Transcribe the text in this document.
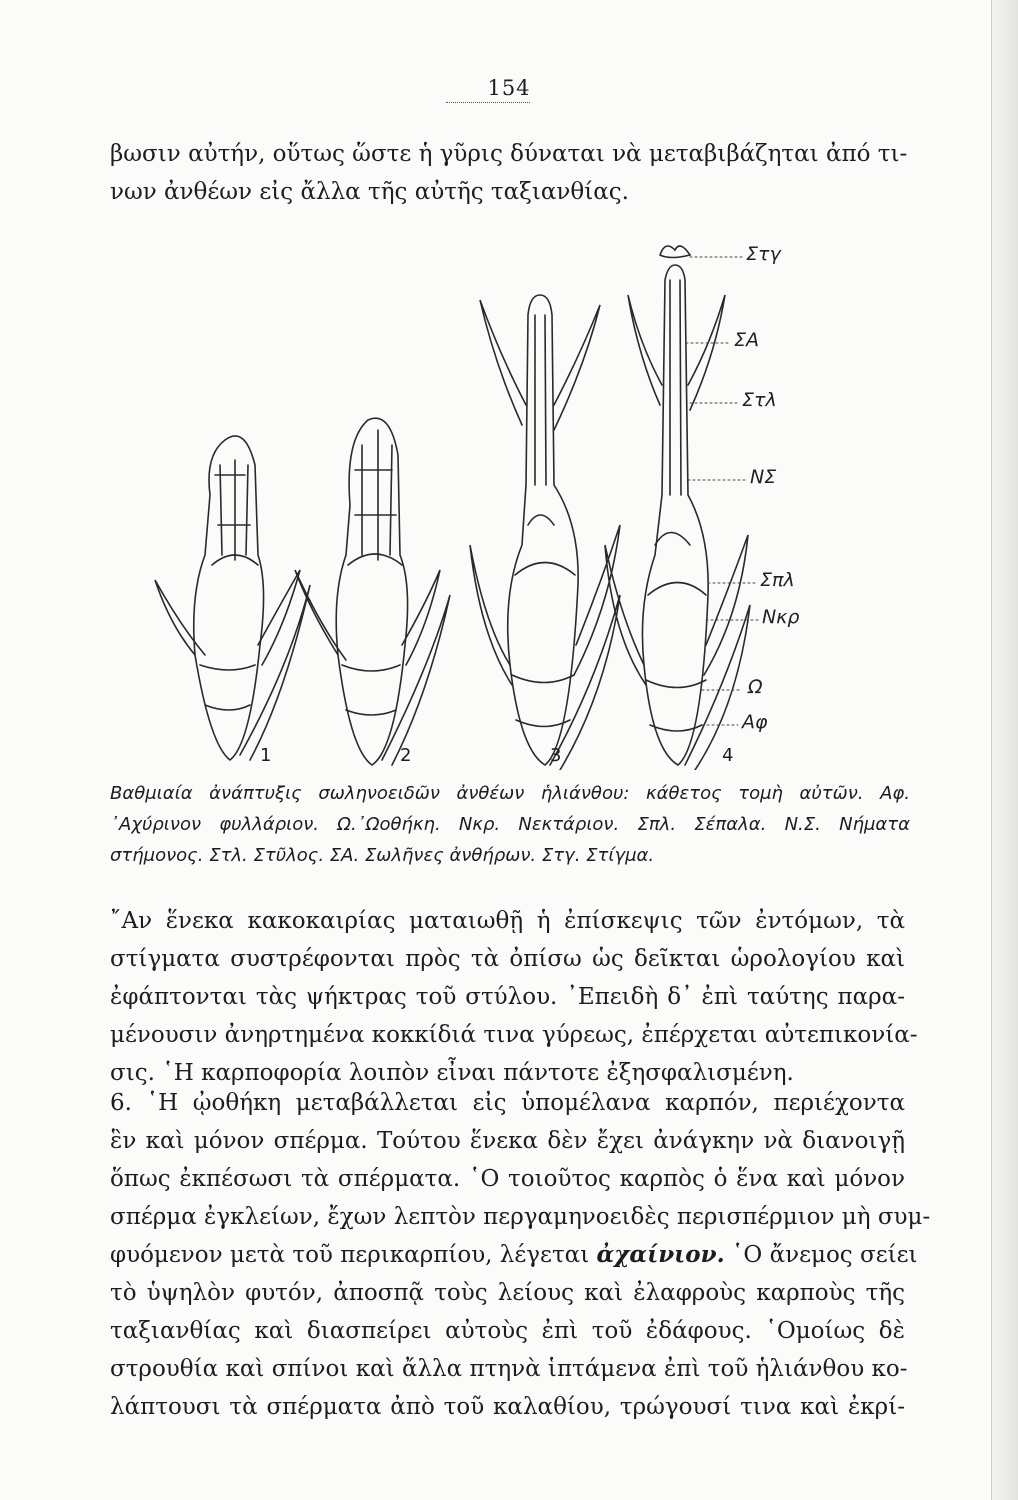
154

βωσιν αὐτήν, οὕτως ὥστε ἡ γῦρις δύναται νὰ μεταβιβάζηται ἀπό τι-
νων ἀνθέων εἰς ἄλλα τῆς αὐτῆς ταξιανθίας.

1	2	3	4
Στγ
ΣΑ
Στλ
ΝΣ
Σπλ
Νκρ
Ω
Αφ

Βαθμιαία ἀνάπτυξις σωληνοειδῶν ἀνθέων ἡλιάνθου: κάθετος τομὴ αὐτῶν. Αφ.
᾿Αχύρινον φυλλάριον. Ω.᾿Ωοθήκη. Νκρ. Νεκτάριον. Σπλ. Σέπαλα. Ν.Σ. Νήματα
στήμονος. Στλ. Στῦλος. ΣΑ. Σωλῆνες ἀνθήρων. Στγ. Στίγμα.

῎Αν ἕνεκα κακοκαιρίας ματαιωθῇ ἡ ἐπίσκεψις τῶν ἐντόμων, τὰ
στίγματα συστρέφονται πρὸς τὰ ὀπίσω ὡς δεῖκται ὡρολογίου καὶ
ἐφάπτονται τὰς ψήκτρας τοῦ στύλου. ᾿Επειδὴ δ᾿ ἐπὶ ταύτης παρα-
μένουσιν ἀνηρτημένα κοκκίδιά τινα γύρεως, ἐπέρχεται αὐτεπικονία-
σις. ῾Η καρποφορία λοιπὸν εἶναι πάντοτε ἐξησφαλισμένη.

6. ῾Η ᾠοθήκη μεταβάλλεται εἰς ὑπομέλανα καρπόν, περιέχοντα
ἓν καὶ μόνον σπέρμα. Τούτου ἕνεκα δὲν ἔχει ἀνάγκην νὰ διανοιγῇ
ὅπως ἐκπέσωσι τὰ σπέρματα. ῾Ο τοιοῦτος καρπὸς ὁ ἕνα καὶ μόνον
σπέρμα ἐγκλείων, ἔχων λεπτὸν περγαμηνοειδὲς περισπέρμιον μὴ συμ-
φυόμενον μετὰ τοῦ περικαρπίου, λέγεται ἀχαίνιον. ῾Ο ἄνεμος σείει
τὸ ὑψηλὸν φυτόν, ἀποσπᾷ τοὺς λείους καὶ ἐλαφροὺς καρποὺς τῆς
ταξιανθίας καὶ διασπείρει αὐτοὺς ἐπὶ τοῦ ἐδάφους. ῾Ομοίως δὲ
στρουθία καὶ σπίνοι καὶ ἄλλα πτηνὰ ἱπτάμενα ἐπὶ τοῦ ἡλιάνθου κο-
λάπτουσι τὰ σπέρματα ἀπὸ τοῦ καλαθίου, τρώγουσί τινα καὶ ἐκρί-
